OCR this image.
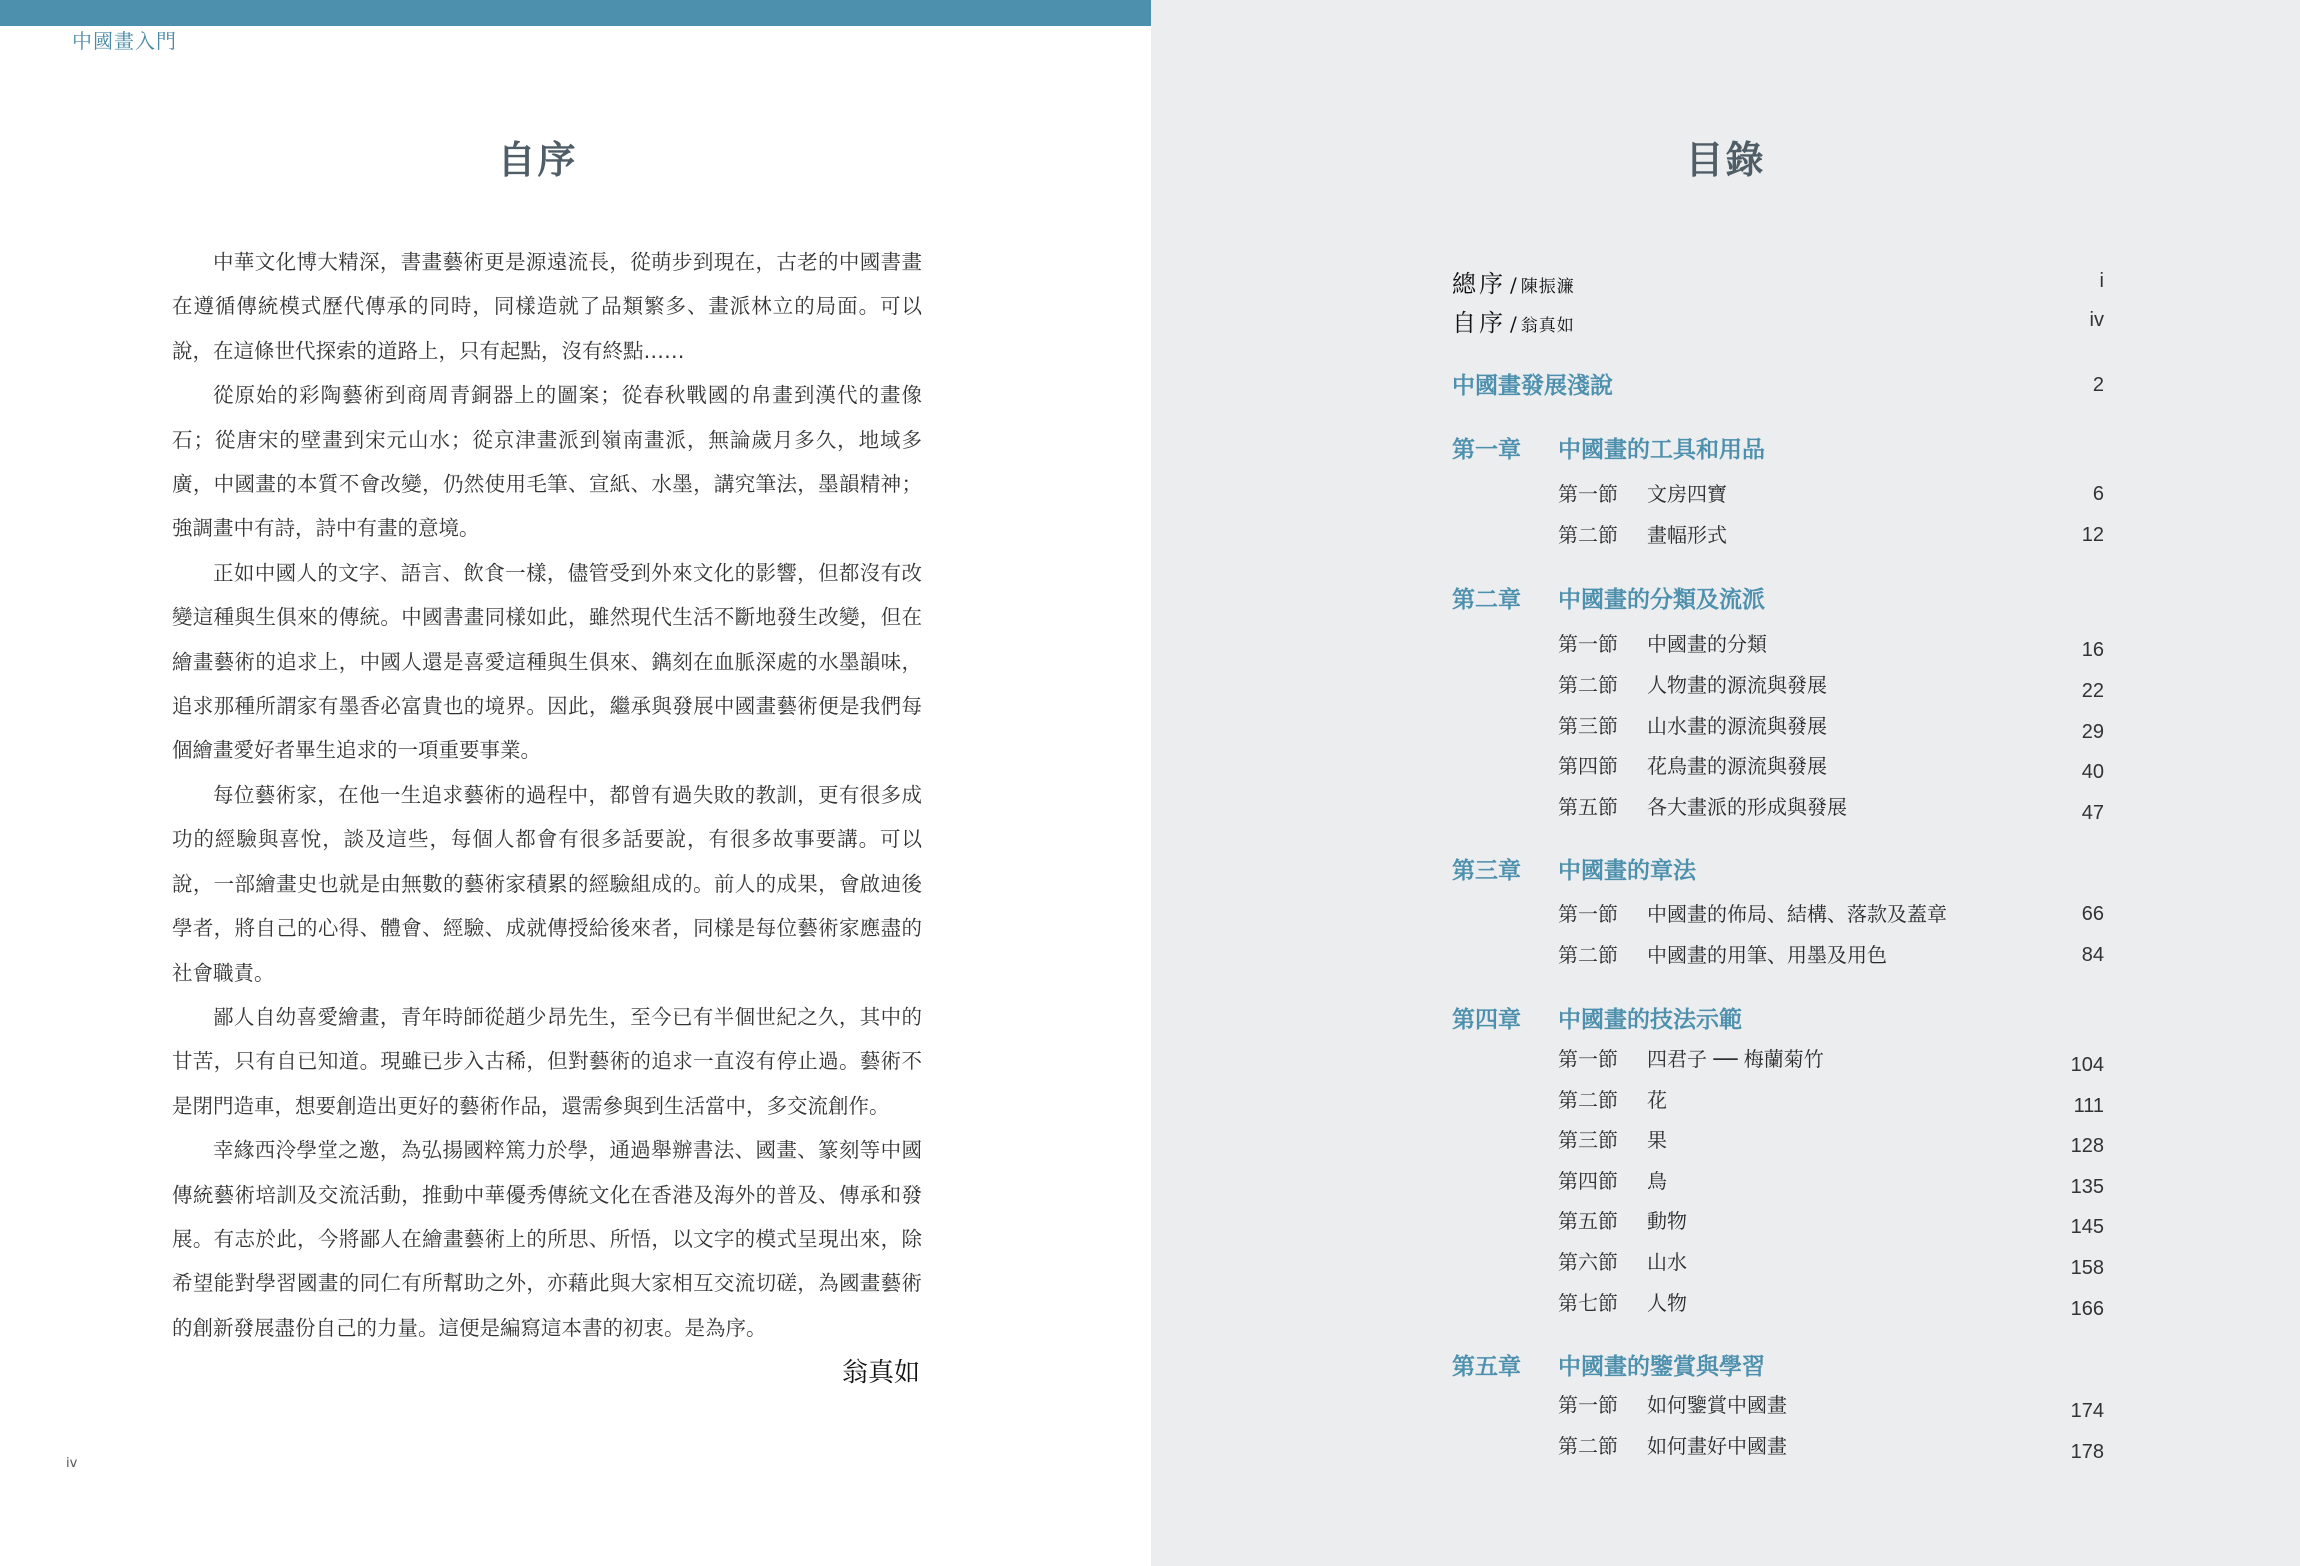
中國畫入門
自序

中華文化博大精深，書畫藝術更是源遠流長，從萌步到現在，古老的中國書畫在遵循傳統模式歷代傳承的同時，同樣造就了品類繁多、畫派林立的局面。可以說，在這條世代探索的道路上，只有起點，沒有終點……

從原始的彩陶藝術到商周青銅器上的圖案；從春秋戰國的帛畫到漢代的畫像石；從唐宋的壁畫到宋元山水；從京津畫派到嶺南畫派，無論歲月多久，地域多廣，中國畫的本質不會改變，仍然使用毛筆、宣紙、水墨，講究筆法，墨韻精神；強調畫中有詩，詩中有畫的意境。

正如中國人的文字、語言、飲食一樣，儘管受到外來文化的影響，但都沒有改變這種與生俱來的傳統。中國書畫同樣如此，雖然現代生活不斷地發生改變，但在繪畫藝術的追求上，中國人還是喜愛這種與生俱來、鐫刻在血脈深處的水墨韻味，追求那種所謂家有墨香必富貴也的境界。因此，繼承與發展中國畫藝術便是我們每個繪畫愛好者畢生追求的一項重要事業。

每位藝術家，在他一生追求藝術的過程中，都曾有過失敗的教訓，更有很多成功的經驗與喜悅，談及這些，每個人都會有很多話要說，有很多故事要講。可以說，一部繪畫史也就是由無數的藝術家積累的經驗組成的。前人的成果，會啟迪後學者，將自己的心得、體會、經驗、成就傳授給後來者，同樣是每位藝術家應盡的社會職責。

鄙人自幼喜愛繪畫，青年時師從趙少昂先生，至今已有半個世紀之久，其中的甘苦，只有自已知道。現雖已步入古稀，但對藝術的追求一直沒有停止過。藝術不是閉門造車，想要創造出更好的藝術作品，還需參與到生活當中，多交流創作。

幸緣西泠學堂之邀，為弘揚國粹篤力於學，通過舉辦書法、國畫、篆刻等中國傳統藝術培訓及交流活動，推動中華優秀傳統文化在香港及海外的普及、傳承和發展。有志於此，今將鄙人在繪畫藝術上的所思、所悟，以文字的模式呈現出來，除希望能對學習國畫的同仁有所幫助之外，亦藉此與大家相互交流切磋，為國畫藝術的創新發展盡份自己的力量。這便是編寫這本書的初衷。是為序。

翁真如
iv
目錄
總序 / 陳振濂	i
自序 / 翁真如	iv
中國畫發展淺說	2
第一章 中國畫的工具和用品
第一節 文房四寶	6
第二節 畫幅形式	12
第二章 中國畫的分類及流派
第一節 中國畫的分類	16
第二節 人物畫的源流與發展	22
第三節 山水畫的源流與發展	29
第四節 花鳥畫的源流與發展	40
第五節 各大畫派的形成與發展	47
第三章 中國畫的章法
第一節 中國畫的佈局、結構、落款及蓋章	66
第二節 中國畫的用筆、用墨及用色	84
第四章 中國畫的技法示範
第一節 四君子 ── 梅蘭菊竹	104
第二節 花	111
第三節 果	128
第四節 鳥	135
第五節 動物	145
第六節 山水	158
第七節 人物	166
第五章 中國畫的鑒賞與學習
第一節 如何鑒賞中國畫	174
第二節 如何畫好中國畫	178
